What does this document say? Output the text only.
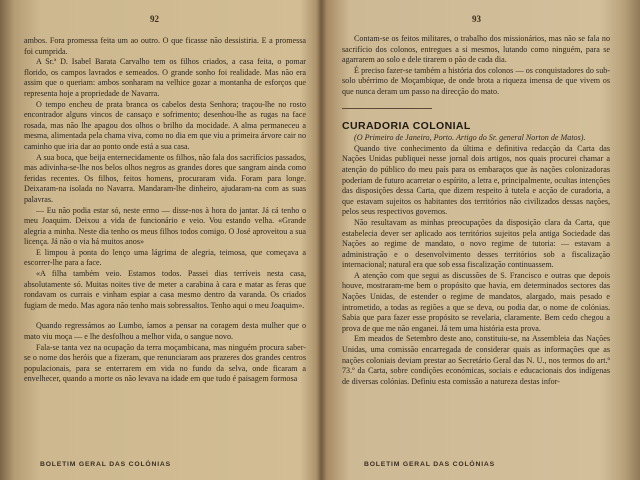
92

ambos. Fora promessa feita um ao outro. O que ficasse não dessistiria. E a promessa foi cumprida.

A Sr.ª D. Isabel Barata Carvalho tem os filhos criados, a casa feita, o pomar florido, os campos lavrados e semeados. O grande sonho foi realidade. Mas não era assim que o queriam: ambos sonharam na velhice gozar a montanha de esforços que representa hoje a propriedade de Navarra.

O tempo encheu de prata branca os cabelos desta Senhora; traçou-lhe no rosto encontrador alguns vincos de cansaço e sofrimento; desenhou-lhe as rugas na face rosada, mas não lhe apagou dos olhos o brilho da mocidade. A alma permaneceu a mesma, alimentada pela chama viva, como no dia em que viu a primeira árvore cair no caminho que iria dar ao ponto onde está a sua casa.

A sua boca, que beija enternecidamente os filhos, não fala dos sacrifícios passados, mas adivinha-se-lhe nos belos olhos negros as grandes dores que sangram ainda como feridas recentes. Os filhos, feitos homens, procuraram vida. Foram para longe. Deixaram-na isolada no Navarra. Mandaram-lhe dinheiro, ajudaram-na com as suas palavras.

— Eu não podia estar só, neste ermo — disse-nos à hora do jantar. Já cá tenho o meu Joaquim. Deixou a vida de funcionário e veio. Vou estando velha. «Grande alegria a minha. Neste dia tenho os meus filhos todos comigo. O José aproveitou a sua licença. Já não o via há muitos anos»

E limpou à ponta do lenço uma lágrima de alegria, teimosa, que começava a escorrer-lhe para a face.

«A filha também veio. Estamos todos. Passei dias terríveis nesta casa, absolutamente só. Muitas noites tive de meter a carabina à cara e matar as feras que rondavam os currais e vinham espiar a casa mesmo dentro da varanda. Os criados fugiam de medo. Mas agora não tenho mais sobressaltos. Tenho aqui o meu Joaquim».

Quando regressámos ao Lumbo, íamos a pensar na coragem desta mulher que o mato viu moça — e lhe desfolhou a melhor vida, o sangue novo.

Fala-se tanta vez na ocupação da terra moçambicana, mas ninguém procura saber-se o nome dos heróis que a fizeram, que renunciaram aos prazeres dos grandes centros populacionais, para se enterrarem em vida no fundo da selva, onde ficaram a envelhecer, quando a morte os não levava na idade em que tudo é paisagem formosa

BOLETIM GERAL DAS COLÓNIAS
93

Contam-se os feitos militares, o trabalho dos missionários, mas não se fala no sacrifício dos colonos, entregues a si mesmos, lutando como ninguém, para se agarrarem ao solo e dele tirarem o pão de cada dia.

É preciso fazer-se também a história dos colonos — os conquistadores do sub-solo ubérrimo de Moçambique, de onde brota a riqueza imensa de que vivem os que nunca deram um passo na direcção do mato.

CURADORIA COLONIAL

(O Primeiro de Janeiro, Porto. Artigo do Sr. general Norton de Matos).

Quando tive conhecimento da última e definitiva redacção da Carta das Nações Unidas publiquei nesse jornal dois artigos, nos quais procurei chamar a atenção do público do meu país para os embaraços que às nações colonizadoras poderiam de futuro acarretar o espírito, a letra e, principalmente, ocultas intenções das disposições dessa Carta, que dizem respeito à tutela e acção de curadoria, a que estavam sujeitos os habitantes dos territórios não civilizados dessas nações, pelos seus respectivos governos.

Não resultavam as minhas preocupações da disposição clara da Carta, que estabelecia dever ser aplicado aos territórios sujeitos pela antiga Sociedade das Nações ao regime de mandato, o novo regime de tutoria: — estavam a administração e o desenvolvimento desses territórios sob a fiscalização internacional; natural era que sob essa fiscalização continuassem.

A atenção com que segui as discussões de S. Francisco e outras que depois houve, mostraram-me bem o propósito que havia, em determinados sectores das Nações Unidas, de estender o regime de mandatos, alargado, mais pesado e intrometido, a todas as regiões a que se deva, ou podia dar, o nome de colónias. Sabia que para fazer esse propósito se revelaria, claramente. Bem cedo chegou a prova de que me não enganei. Já tem uma história esta prova.

Em meados de Setembro deste ano, constituiu-se, na Assembleia das Nações Unidas, uma comissão encarregada de considerar quais as informações que as nações coloniais deviam prestar ao Secretário Geral das N. U., nos termos do art.º 73.º da Carta, sobre condições económicas, sociais e educacionais dos indígenas de diversas colónias. Definiu esta comissão a natureza destas infor-

BOLETIM GERAL DAS COLÓNIAS
